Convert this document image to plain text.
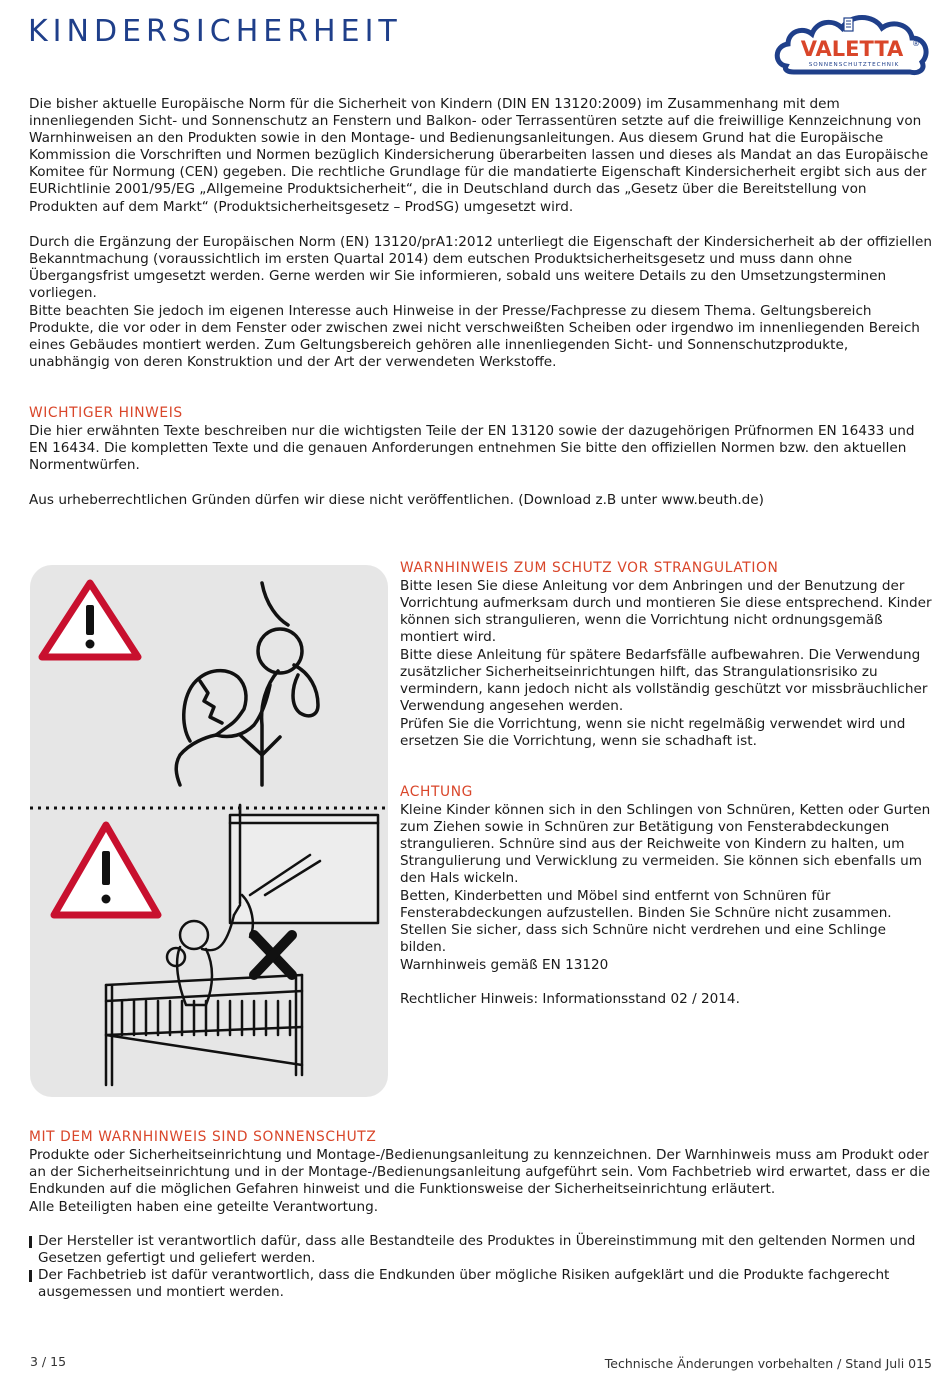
KINDERSICHERHEIT	VALETTA ®
SONNENSCHUTZTECHNIK

Die bisher aktuelle Europäische Norm für die Sicherheit von Kindern (DIN EN 13120:2009) im Zusammenhang mit dem innenliegenden Sicht- und Sonnenschutz an Fenstern und Balkon- oder Terrassentüren setzte auf die freiwillige Kennzeichnung von Warnhinweisen an den Produkten sowie in den Montage- und Bedienungsanleitungen. Aus diesem Grund hat die Europäische Kommission die Vorschriften und Normen bezüglich Kindersicherung überarbeiten lassen und dieses als Mandat an das Europäische Komitee für Normung (CEN) gegeben. Die rechtliche Grundlage für die mandatierte Eigenschaft Kindersicherheit ergibt sich aus der EURichtlinie 2001/95/EG „Allgemeine Produktsicherheit“, die in Deutschland durch das „Gesetz über die Bereitstellung von Produkten auf dem Markt“ (Produktsicherheitsgesetz – ProdSG) umgesetzt wird.

Durch die Ergänzung der Europäischen Norm (EN) 13120/prA1:2012 unterliegt die Eigenschaft der Kindersicherheit ab der offiziellen Bekanntmachung (voraussichtlich im ersten Quartal 2014) dem eutschen Produktsicherheitsgesetz und muss dann ohne Übergangsfrist umgesetzt werden. Gerne werden wir Sie informieren, sobald uns weitere Details zu den Umsetzungsterminen vorliegen.

Bitte beachten Sie jedoch im eigenen Interesse auch Hinweise in der Presse/Fachpresse zu diesem Thema. Geltungsbereich Produkte, die vor oder in dem Fenster oder zwischen zwei nicht verschweißten Scheiben oder irgendwo im innenliegenden Bereich eines Gebäudes montiert werden. Zum Geltungsbereich gehören alle innenliegenden Sicht- und Sonnenschutzprodukte, unabhängig von deren Konstruktion und der Art der verwendeten Werkstoffe.

WICHTIGER HINWEIS

Die hier erwähnten Texte beschreiben nur die wichtigsten Teile der EN 13120 sowie der dazugehörigen Prüfnormen EN 16433 und EN 16434. Die kompletten Texte und die genauen Anforderungen entnehmen Sie bitte den offiziellen Normen bzw. den aktuellen Normentwürfen.

Aus urheberrechtlichen Gründen dürfen wir diese nicht veröffentlichen. (Download z.B unter www.beuth.de)

WARNHINWEIS ZUM SCHUTZ VOR STRANGULATION

Bitte lesen Sie diese Anleitung vor dem Anbringen und der Benutzung der Vorrichtung aufmerksam durch und montieren Sie diese entsprechend. Kinder können sich strangulieren, wenn die Vorrichtung nicht ordnungsgemäß montiert wird.

Bitte diese Anleitung für spätere Bedarfsfälle aufbewahren. Die Verwendung zusätzlicher Sicherheitseinrichtungen hilft, das Strangulationsrisiko zu vermindern, kann jedoch nicht als vollständig geschützt vor missbräuchlicher Verwendung angesehen werden.

Prüfen Sie die Vorrichtung, wenn sie nicht regelmäßig verwendet wird und ersetzen Sie die Vorrichtung, wenn sie schadhaft ist.

ACHTUNG

Kleine Kinder können sich in den Schlingen von Schnüren, Ketten oder Gurten zum Ziehen sowie in Schnüren zur Betätigung von Fensterabdeckungen strangulieren. Schnüre sind aus der Reichweite von Kindern zu halten, um Strangulierung und Verwicklung zu vermeiden. Sie können sich ebenfalls um den Hals wickeln.

Betten, Kinderbetten und Möbel sind entfernt von Schnüren für Fensterabdeckungen aufzustellen. Binden Sie Schnüre nicht zusammen. Stellen Sie sicher, dass sich Schnüre nicht verdrehen und eine Schlinge bilden.

Warnhinweis gemäß EN 13120

Rechtlicher Hinweis: Informationsstand 02 / 2014.

MIT DEM WARNHINWEIS SIND SONNENSCHUTZ

Produkte oder Sicherheitseinrichtung und Montage-/Bedienungsanleitung zu kennzeichnen. Der Warnhinweis muss am Produkt oder an der Sicherheitseinrichtung und in der Montage-/Bedienungsanleitung aufgeführt sein. Vom Fachbetrieb wird erwartet, dass er die Endkunden auf die möglichen Gefahren hinweist und die Funktionsweise der Sicherheitseinrichtung erläutert.

Alle Beteiligten haben eine geteilte Verantwortung.

Der Hersteller ist verantwortlich dafür, dass alle Bestandteile des Produktes in Übereinstimmung mit den geltenden Normen und Gesetzen gefertigt und geliefert werden.
Der Fachbetrieb ist dafür verantwortlich, dass die Endkunden über mögliche Risiken aufgeklärt und die Produkte fachgerecht ausgemessen und montiert werden.
3 / 15	Technische Änderungen vorbehalten / Stand Juli 015
